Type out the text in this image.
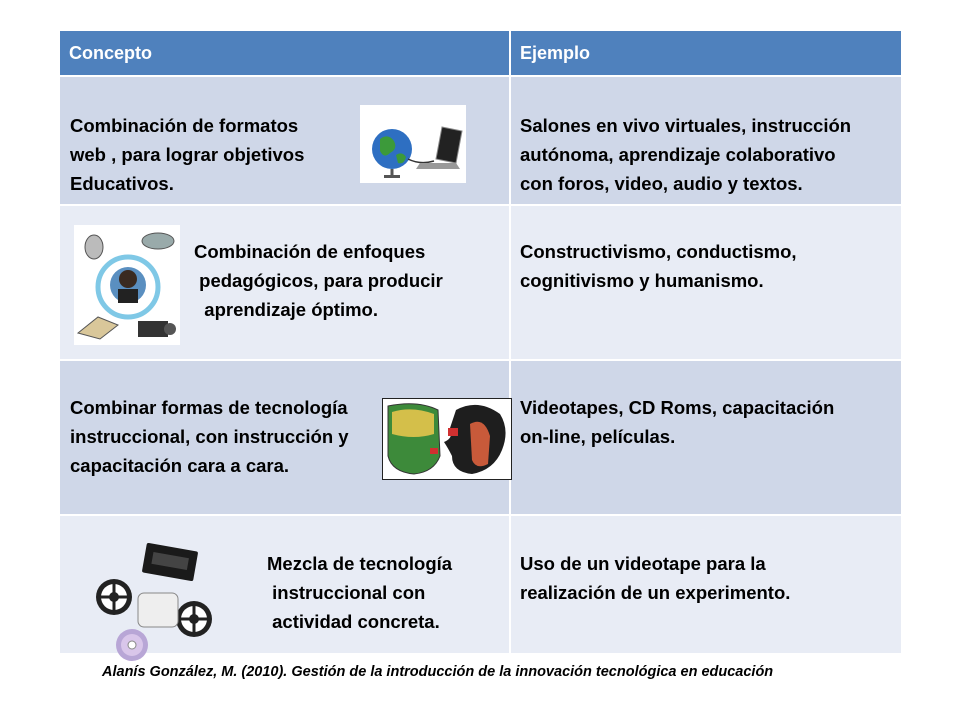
Concepto	Ejemplo
Combinación de formatos
web , para lograr objetivos
Educativos.
Salones en vivo virtuales, instrucción
autónoma, aprendizaje colaborativo
con foros, video, audio y textos.
Combinación de enfoques
pedagógicos, para producir
aprendizaje óptimo.
Constructivismo, conductismo,
cognitivismo y humanismo.
Combinar formas de tecnología
instruccional, con instrucción y
capacitación cara a cara.
Videotapes, CD Roms, capacitación
on-line, películas.
Mezcla de tecnología
instruccional con
actividad concreta.
Uso de un videotape para la
realización de un experimento.
Alanís González, M. (2010). Gestión de la introducción de la innovación tecnológica en educación
